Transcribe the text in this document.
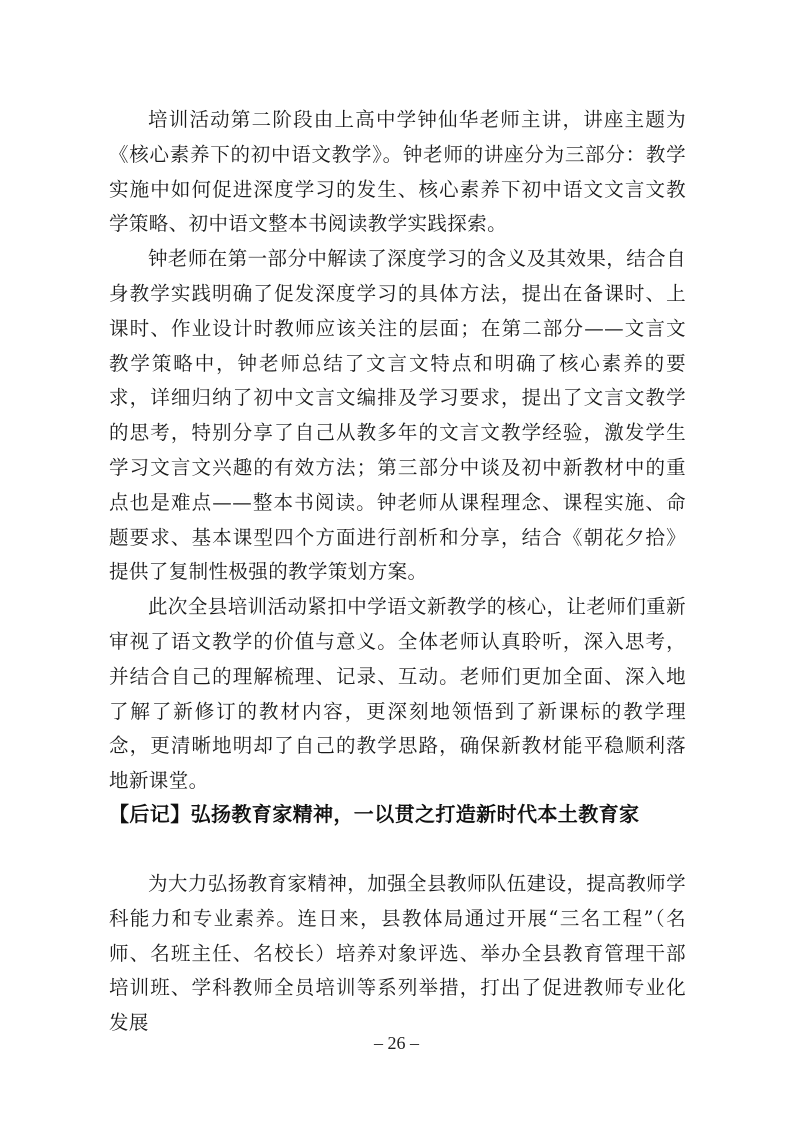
培训活动第二阶段由上高中学钟仙华老师主讲，讲座主题为《核心素养下的初中语文教学》。钟老师的讲座分为三部分：教学实施中如何促进深度学习的发生、核心素养下初中语文文言文教学策略、初中语文整本书阅读教学实践探索。

钟老师在第一部分中解读了深度学习的含义及其效果，结合自身教学实践明确了促发深度学习的具体方法，提出在备课时、上课时、作业设计时教师应该关注的层面；在第二部分——文言文教学策略中，钟老师总结了文言文特点和明确了核心素养的要求，详细归纳了初中文言文编排及学习要求，提出了文言文教学的思考，特别分享了自己从教多年的文言文教学经验，激发学生学习文言文兴趣的有效方法；第三部分中谈及初中新教材中的重点也是难点——整本书阅读。钟老师从课程理念、课程实施、命题要求、基本课型四个方面进行剖析和分享，结合《朝花夕拾》提供了复制性极强的教学策划方案。

此次全县培训活动紧扣中学语文新教学的核心，让老师们重新审视了语文教学的价值与意义。全体老师认真聆听，深入思考，并结合自己的理解梳理、记录、互动。老师们更加全面、深入地了解了新修订的教材内容，更深刻地领悟到了新课标的教学理念，更清晰地明却了自己的教学思路，确保新教材能平稳顺利落地新课堂。

【后记】弘扬教育家精神，一以贯之打造新时代本土教育家

为大力弘扬教育家精神，加强全县教师队伍建设，提高教师学科能力和专业素养。连日来，县教体局通过开展“三名工程”（名师、名班主任、名校长）培养对象评选、举办全县教育管理干部培训班、学科教师全员培训等系列举措，打出了促进教师专业化发展

– 26 –
